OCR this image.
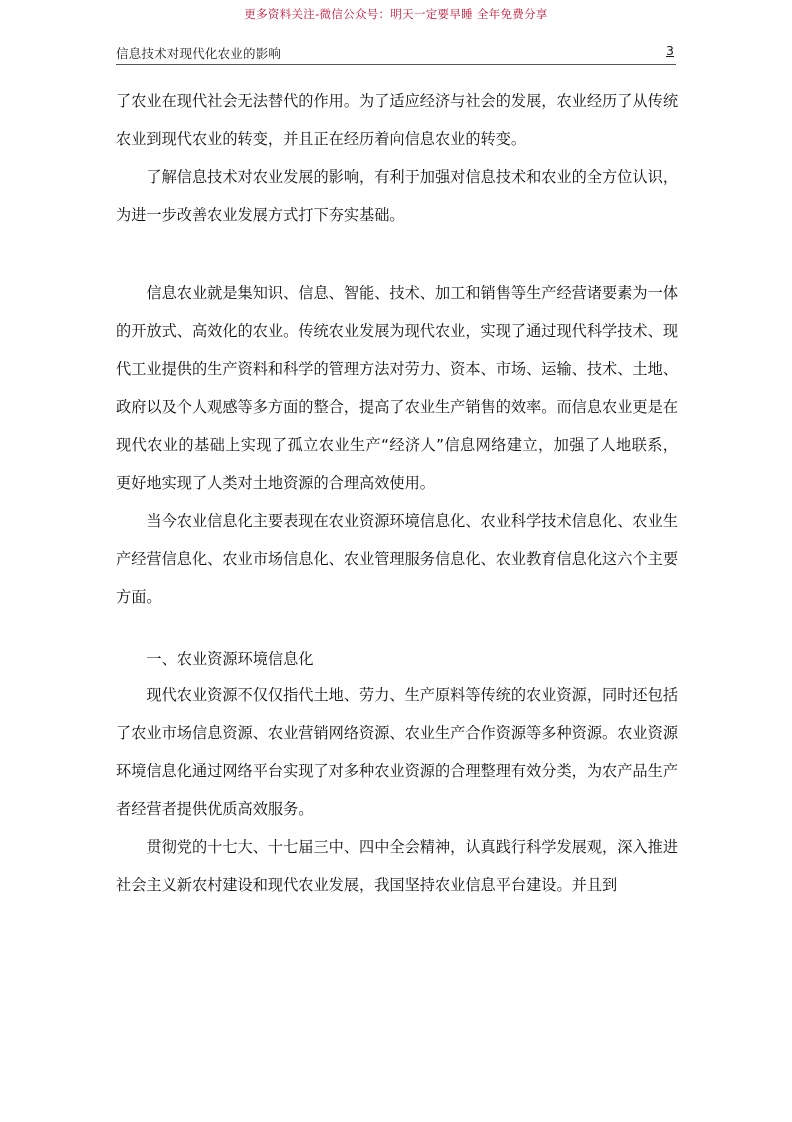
更多资料关注-微信公众号：明天一定要早睡 全年免费分享
信息技术对现代化农业的影响	3

了农业在现代社会无法替代的作用。为了适应经济与社会的发展，农业经历了从传统农业到现代农业的转变，并且正在经历着向信息农业的转变。

了解信息技术对农业发展的影响，有利于加强对信息技术和农业的全方位认识，为进一步改善农业发展方式打下夯实基础。

信息农业就是集知识、信息、智能、技术、加工和销售等生产经营诸要素为一体的开放式、高效化的农业。传统农业发展为现代农业，实现了通过现代科学技术、现代工业提供的生产资料和科学的管理方法对劳力、资本、市场、运输、技术、土地、政府以及个人观感等多方面的整合，提高了农业生产销售的效率。而信息农业更是在现代农业的基础上实现了孤立农业生产“经济人”信息网络建立，加强了人地联系，更好地实现了人类对土地资源的合理高效使用。

当今农业信息化主要表现在农业资源环境信息化、农业科学技术信息化、农业生产经营信息化、农业市场信息化、农业管理服务信息化、农业教育信息化这六个主要方面。

一、农业资源环境信息化

现代农业资源不仅仅指代土地、劳力、生产原料等传统的农业资源，同时还包括了农业市场信息资源、农业营销网络资源、农业生产合作资源等多种资源。农业资源环境信息化通过网络平台实现了对多种农业资源的合理整理有效分类，为农产品生产者经营者提供优质高效服务。

贯彻党的十七大、十七届三中、四中全会精神，认真践行科学发展观，深入推进社会主义新农村建设和现代农业发展，我国坚持农业信息平台建设。并且到
